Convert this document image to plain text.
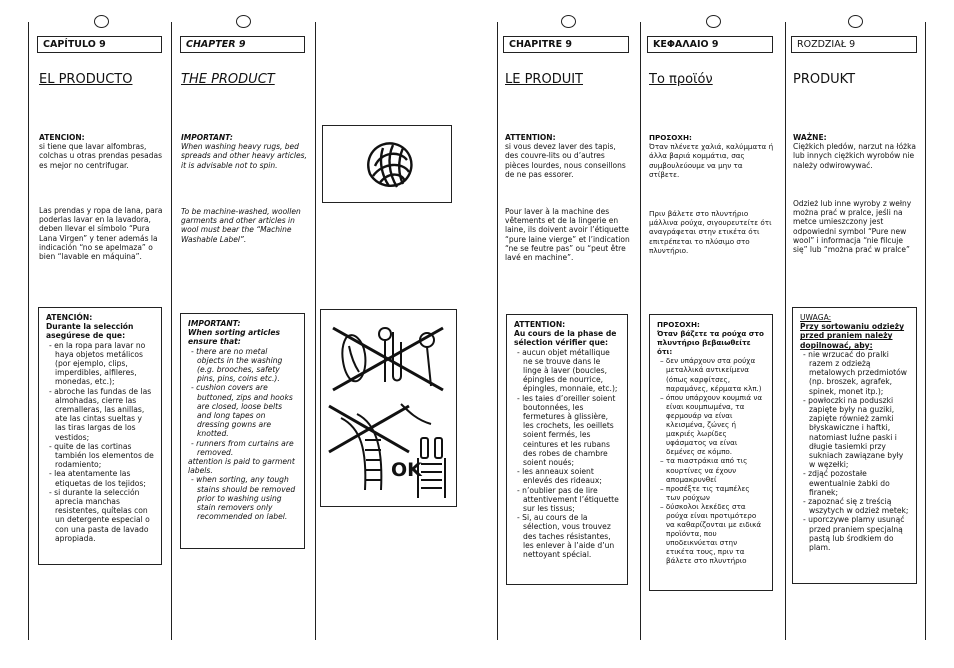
CAPÍTULO 9
EL PRODUCTO
ATENCION:
si tiene que lavar alfombras, colchas u otras prendas pesadas es mejor no centrifugar.
Las prendas y ropa de lana, para poderlas lavar en la lavadora, deben llevar el símbolo “Pura Lana Virgen” y tener además la indicación “no se apelmaza” o bien “lavable en máquina”.
ATENCIÓN:
Durante la selección asegúrese de que:
- en la ropa para lavar no haya objetos metálicos (por ejemplo, clips, imperdibles, alfileres, monedas, etc.);
- abroche las fundas de las almohadas, cierre las cremalleras, las anillas, ate las cintas sueltas y las tiras largas de los vestidos;
- quite de las cortinas también los elementos de rodamiento;
- lea atentamente las etiquetas de los tejidos;
- si durante la selección aprecia manchas resistentes, quítelas con un detergente especial o con una pasta de lavado apropiada.
CHAPTER 9
THE PRODUCT
IMPORTANT:
When washing heavy rugs, bed spreads and other heavy articles, it is advisable not to spin.
To be machine-washed, woollen garments and other articles in wool must bear the “Machine Washable Label”.
IMPORTANT:
When sorting articles ensure that:
- there are no metal objects in the washing (e.g. brooches, safety pins, pins, coins etc.).
- cushion covers are buttoned, zips and hooks are closed, loose belts and long tapes on dressing gowns are knotted.
- runners from curtains are removed.
attention is paid to garment labels.
- when sorting, any tough stains should be removed prior to washing using stain removers only recommended on label.
OK
CHAPITRE 9
LE PRODUIT
ATTENTION:
si vous devez laver des tapis, des couvre-lits ou d’autres pièces lourdes, nous conseillons de ne pas essorer.
Pour laver à la machine des vêtements et de la lingerie en laine, ils doivent avoir l’étiquette “pure laine vierge” et l’indication “ne se feutre pas” ou “peut être lavé en machine”.
ATTENTION:
Au cours de la phase de sélection vérifier que:
- aucun objet métallique ne se trouve dans le linge à laver (boucles, épingles de nourrice, épingles, monnaie, etc.);
- les taies d’oreiller soient boutonnées, les fermetures à glissière, les crochets, les oeillets soient fermés, les ceintures et les rubans des robes de chambre soient noués;
- les anneaux soient enlevés des rideaux;
- n’oublier pas de lire attentivement l’étiquette sur les tissus;
- Si, au cours de la sélection, vous trouvez des taches résistantes, les enlever à l’aide d’un nettoyant spécial.
ΚΕΦΑΛΑΙΟ 9
Το προϊόν
ΠΡΟΣΟΧΗ:
Όταν πλένετε χαλιά, καλύμματα ή άλλα βαριά κομμάτια, σας συμβουλεύουμε να μην τα στίβετε.
Πριν βάλετε στο πλυντήριο μάλλινα ρούχα, σιγουρευτείτε ότι αναγράφεται στην ετικέτα ότι επιτρέπεται το πλύσιμο στο πλυντήριο.
ΠΡΟΣΟΧΗ:
Όταν βάζετε τα ρούχα στο πλυντήριο βεβαιωθείτε ότι:
– δεν υπάρχουν στα ρούχα μεταλλικά αντικείμενα (όπως καρφίτσες, παραμάνες, κέρματα κλπ.)
– όπου υπάρχουν κουμπιά να είναι κουμπωμένα, τα φερμουάρ να είναι κλεισμένα, ζώνες ή μακριές λωρίδες υφάσματος να είναι δεμένες σε κόμπο.
– τα πιαστράκια από τις κουρτίνες να έχουν απομακρυνθεί
– προσέξτε τις ταμπέλες των ρούχων
– δύσκολοι λεκέδες στα ρούχα είναι προτιμότερο να καθαρίζονται με ειδικά προϊόντα, που υποδεικνύεται στην ετικέτα τους, πριν τα βάλετε στο πλυντήριο
ROZDZIAŁ 9
PRODUKT
WAŻNE:
Ciężkich pledów, narzut na łóżka lub innych ciężkich wyrobów nie należy odwirowywać.
Odzież lub inne wyroby z wełny można prać w pralce, jeśli na metce umieszczony jest odpowiedni symbol “Pure new wool” i informacja “nie filcuje się” lub “można prać w pralce”
UWAGA:
Przy sortowaniu odzieży przed praniem należy dopilnować, aby:
- nie wrzucać do pralki razem z odzieżą metalowych przedmiotów (np. broszek, agrafek, spinek, monet itp.);
- powłoczki na poduszki zapięte były na guziki, zapięte również zamki błyskawiczne i haftki, natomiast luźne paski i długie tasiemki przy sukniach zawiązane były w węzełki;
- zdjąć pozostałe ewentualnie żabki do firanek;
- zapoznać się z treścią wszytych w odzież metek;
- uporczywe plamy usunąć przed praniem specjalną pastą lub środkiem do plam.
